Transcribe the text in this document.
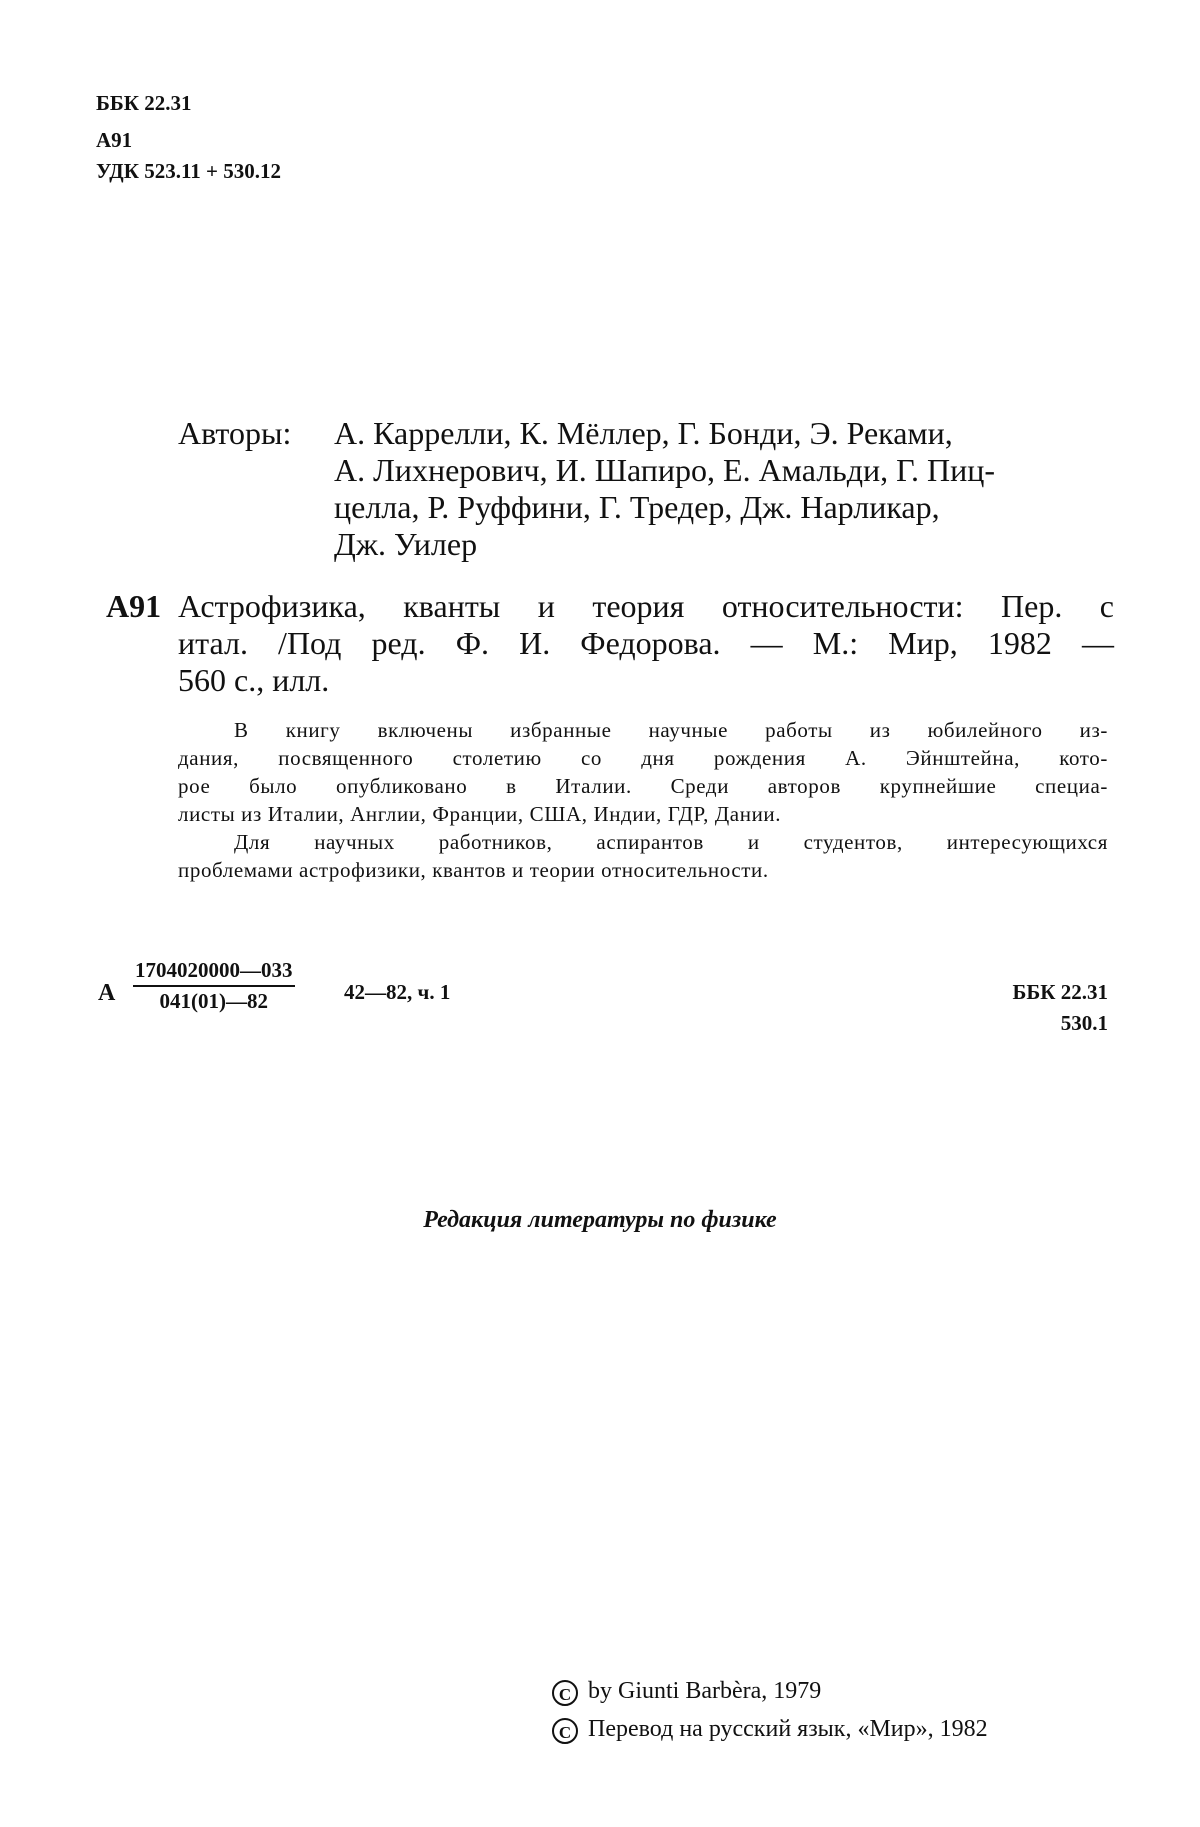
ББК 22.31
А91
УДК 523.11 + 530.12
Авторы: А. Каррелли, К. Мёллер, Г. Бонди, Э. Реками,
А. Лихнерович, И. Шапиро, Е. Амальди, Г. Пиц-
целла, Р. Руффини, Г. Тредер, Дж. Нарликар,
Дж. Уилер
А91 Астрофизика, кванты и теория относительности: Пер. с
итал. /Под ред. Ф. И. Федорова. — М.: Мир, 1982 —
560 с., илл.
В книгу включены избранные научные работы из юбилейного из-
дания, посвященного столетию со дня рождения А. Эйнштейна, кото-
рое было опубликовано в Италии. Среди авторов крупнейшие специа-
листы из Италии, Англии, Франции, США, Индии, ГДР, Дании.
Для научных работников, аспирантов и студентов, интересующихся
проблемами астрофизики, квантов и теории относительности.
А $\frac{1704020000—033}{041(01)—82}$ 42—82, ч. 1	ББК 22.31
530.1
Редакция литературы по физике
C by Giunti Barbèra, 1979
C Перевод на русский язык, «Мир», 1982
